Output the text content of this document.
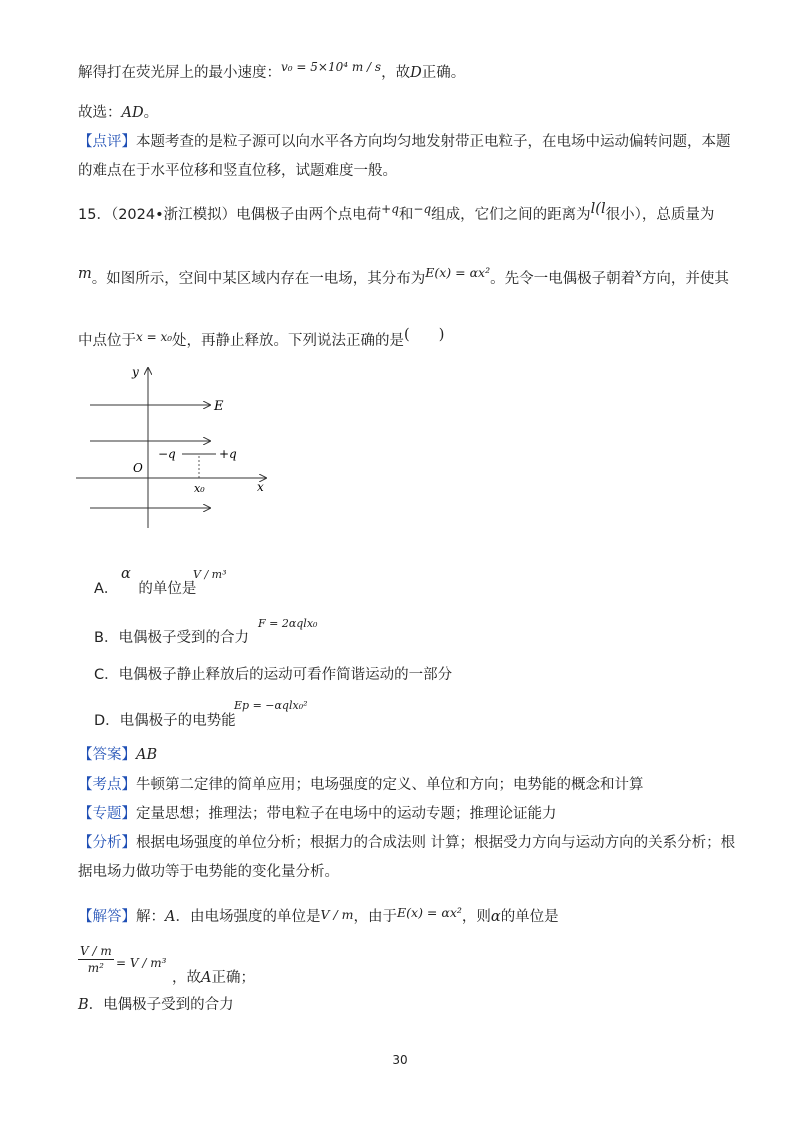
解得打在荧光屏上的最小速度：$^{v_0 = 5\times 10^4 m / s}$，故D正确。
故选：AD。
【点评】本题考查的是粒子源可以向水平各方向均匀地发射带正电粒子，在电场中运动偏转问题，本题
的难点在于水平位移和竖直位移，试题难度一般。
15．（2024•浙江模拟）电偶极子由两个点电荷$^{+q}$和$^{-q}$组成，它们之间的距离为l(l很小），总质量为
m。如图所示，空间中某区域内存在一电场，其分布为E(x) = αx²。先令一电偶极子朝着$^x$方向，并使其
中点位于$^{x = x_0}$处，再静止释放。下列说法正确的是(　　)
y
E
x
O
−q	+q
x₀
α	V / m³
A． 的单位是
F = 2αqlx₀
B．电偶极子受到的合力
C．电偶极子静止释放后的运动可看作简谐运动的一部分
Ep = −αqlx₀²
D．电偶极子的电势能
【答案】AB
【考点】牛顿第二定律的简单应用；电场强度的定义、单位和方向；电势能的概念和计算
【专题】定量思想；推理法；带电粒子在电场中的运动专题；推理论证能力
【分析】根据电场强度的单位分析；根据力的合成法则 计算；根据受力方向与运动方向的关系分析；根
据电场力做功等于电势能的变化量分析。
【解答】解：A．由电场强度的单位是V / m，由于E(x) = αx²，则α的单位是
$\frac{V / m}{\text{m²}} = V / m^3$
，故A正确；
B．电偶极子受到的合力
30
